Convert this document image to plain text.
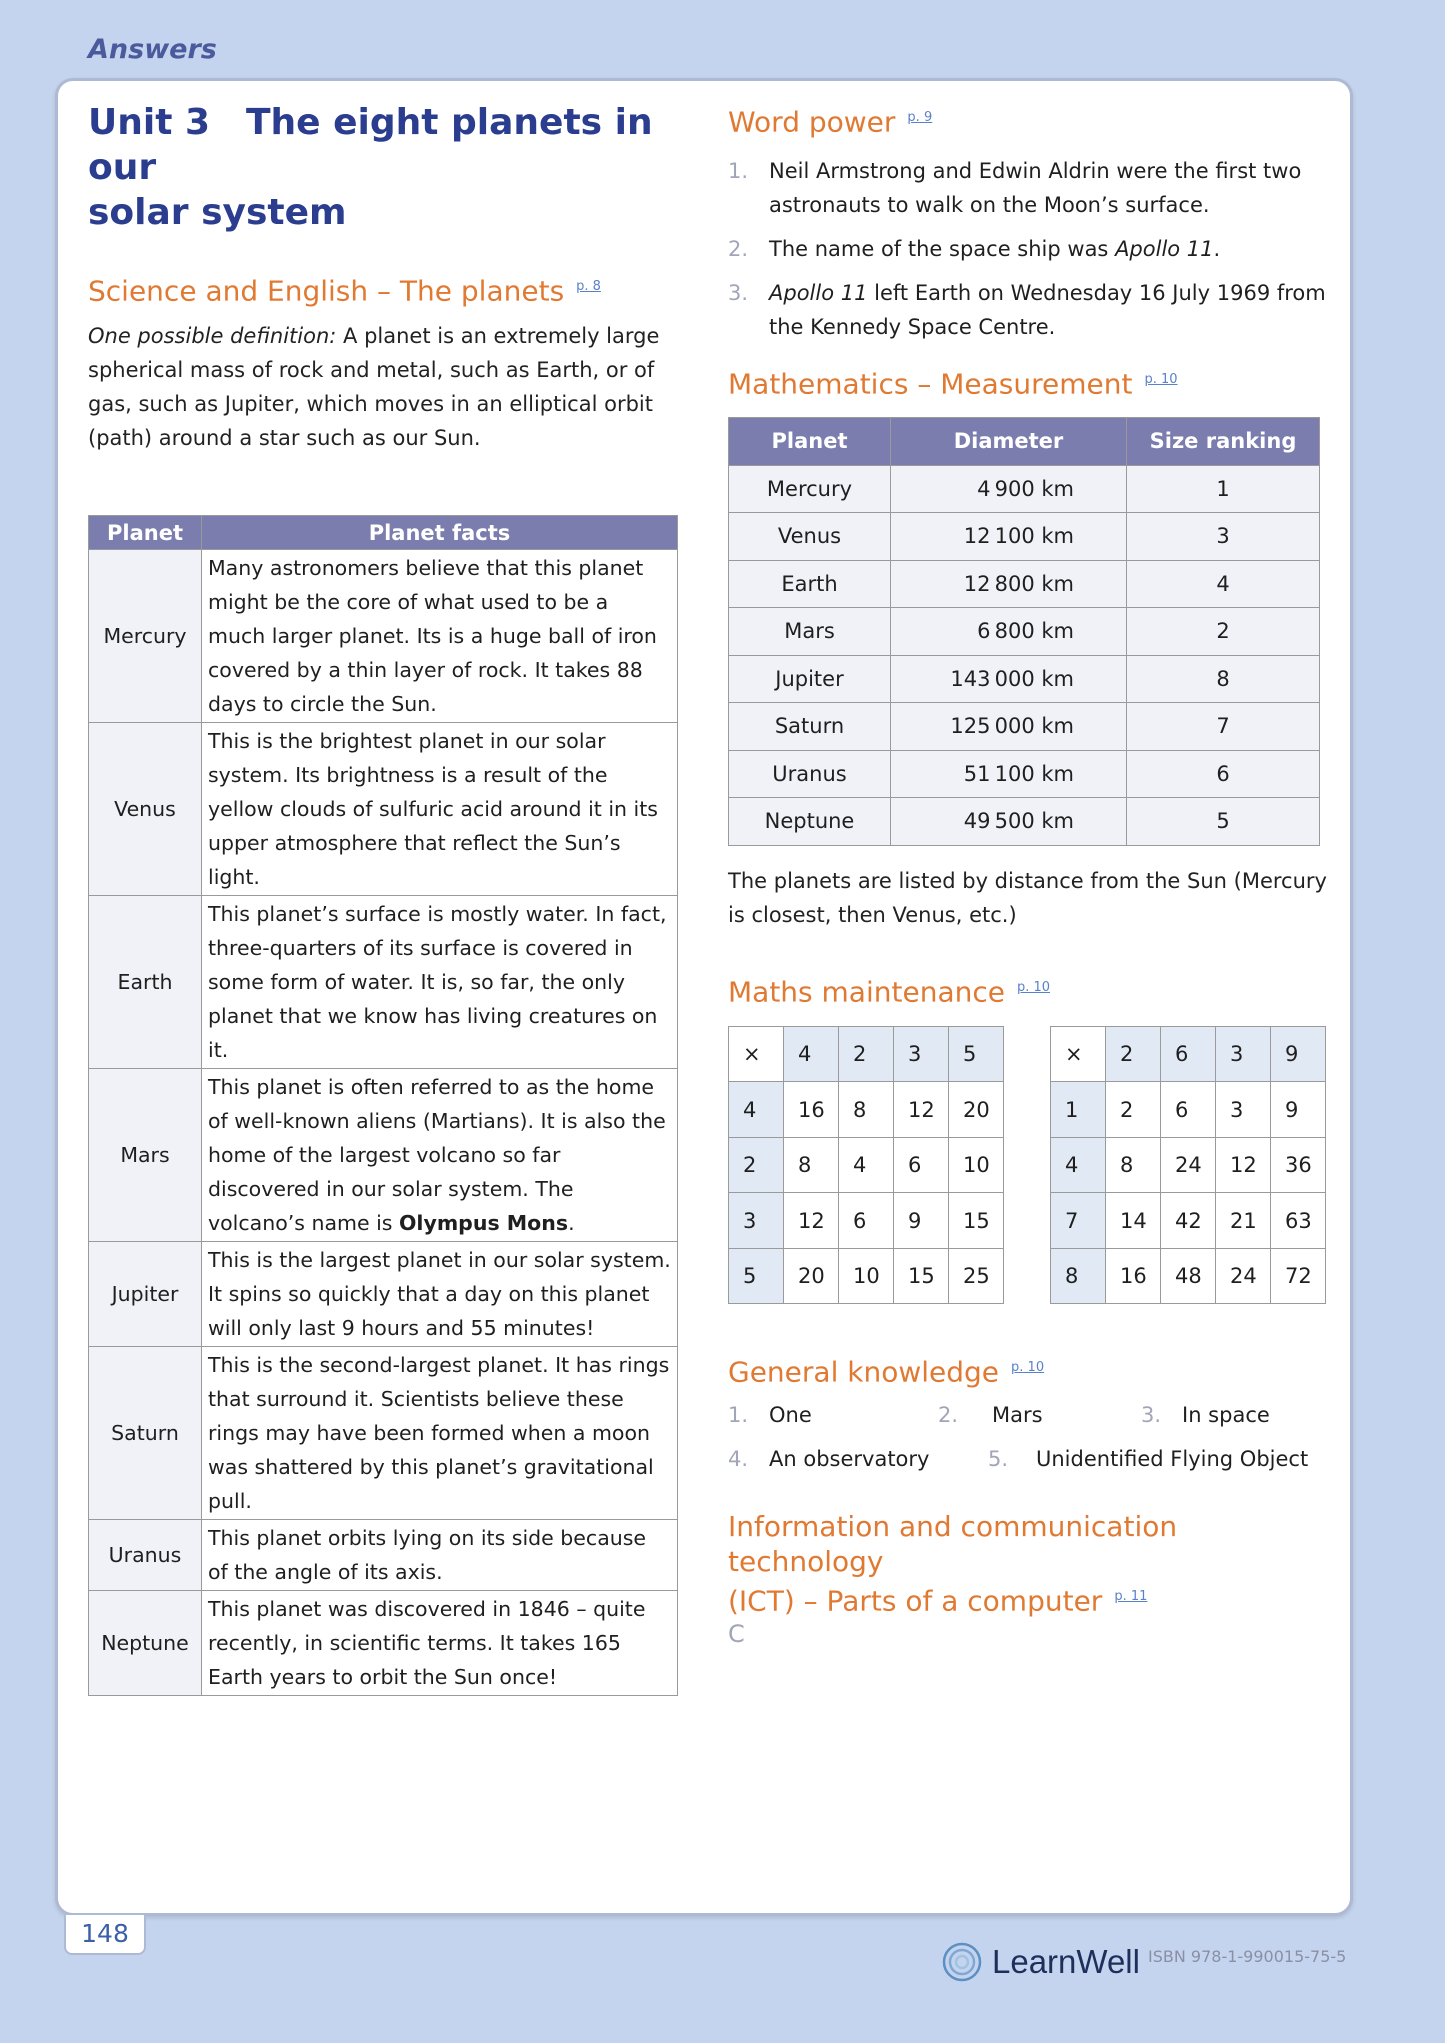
Answers
Unit 3  The eight planets in our
solar system
Science and English – The planets $^{p. 8}$

One possible definition: A planet is an extremely large spherical mass of rock and metal, such as Earth, or of gas, such as Jupiter, which moves in an elliptical orbit (path) around a star such as our Sun.

Planet	Planet facts
Mercury	Many astronomers believe that this planet might be the core of what used to be a much larger planet. Its is a huge ball of iron covered by a thin layer of rock. It takes 88 days to circle the Sun.
Venus	This is the brightest planet in our solar system. Its brightness is a result of the yellow clouds of sulfuric acid around it in its upper atmosphere that reflect the Sun’s light.
Earth	This planet’s surface is mostly water. In fact, three-quarters of its surface is covered in some form of water. It is, so far, the only planet that we know has living creatures on it.
Mars	This planet is often referred to as the home of well-known aliens (Martians). It is also the home of the largest volcano so far discovered in our solar system. The volcano’s name is Olympus Mons.
Jupiter	This is the largest planet in our solar system. It spins so quickly that a day on this planet will only last 9 hours and 55 minutes!
Saturn	This is the second-largest planet. It has rings that surround it. Scientists believe these rings may have been formed when a moon was shattered by this planet’s gravitational pull.
Uranus	This planet orbits lying on its side because of the angle of its axis.
Neptune	This planet was discovered in 1846 – quite recently, in scientific terms. It takes 165 Earth years to orbit the Sun once!
Word power $^{p. 9}$
1. Neil Armstrong and Edwin Aldrin were the first two astronauts to walk on the Moon’s surface.
2. The name of the space ship was Apollo 11.
3. Apollo 11 left Earth on Wednesday 16 July 1969 from the Kennedy Space Centre.
Mathematics – Measurement $^{p. 10}$
Planet	Diameter	Size ranking
Mercury	4 900 km	1
Venus	12 100 km	3
Earth	12 800 km	4
Mars	6 800 km	2
Jupiter	143 000 km	8
Saturn	125 000 km	7
Uranus	51 100 km	6
Neptune	49 500 km	5

The planets are listed by distance from the Sun (Mercury is closest, then Venus, etc.)

Maths maintenance $^{p. 10}$
×	4	2	3	5
4	16	8	12	20
2	8	4	6	10
3	12	6	9	15
5	20	10	15	25
×	2	6	3	9
1	2	6	3	9
4	8	24	12	36
7	14	42	21	63
8	16	48	24	72
General knowledge $^{p. 10}$
1. One	2. Mars	3. In space
4. An observatory	5. Unidentified Flying Object
Information and communication technology
(ICT) – Parts of a computer $^{p. 11}$
C
148
LearnWell ISBN 978-1-990015-75-5
